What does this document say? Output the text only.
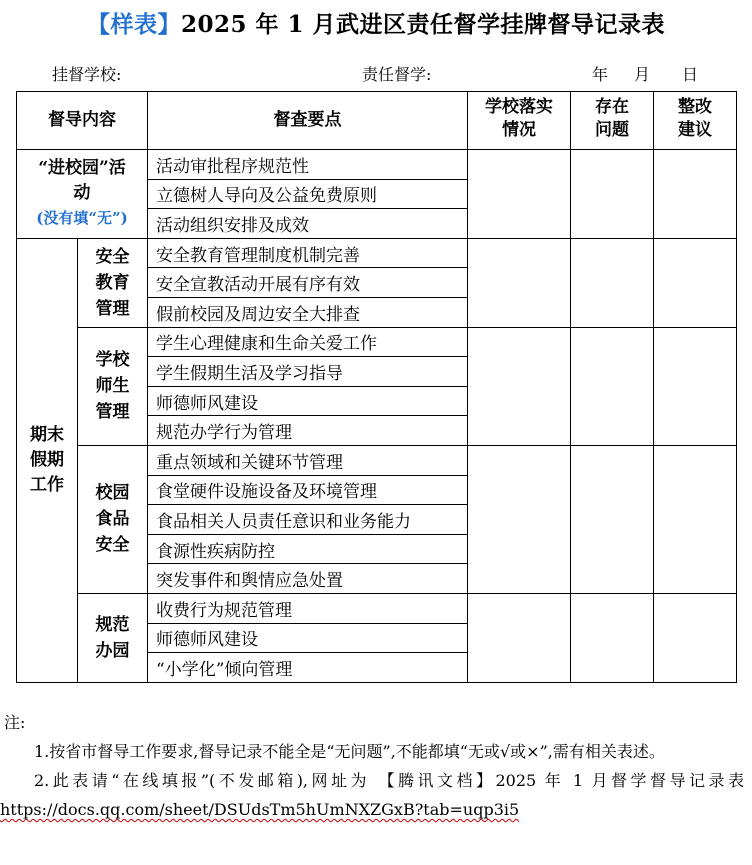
【样表】2025 年 1 月武进区责任督学挂牌督导记录表
挂督学校:	责任督学:	年 月 日
督导内容		督查要点	学校落实情况	存在问题	整改建议

“进校园”活动
(没有填“无”)		活动审批程序规范性			
		立德树人导向及公益免费原则			
		活动组织安排及成效			

期末假期工作	安全教育管理	安全教育管理制度机制完善			
		安全宣教活动开展有序有效			
		假前校园及周边安全大排查			

	学校师生管理	学生心理健康和生命关爱工作			
		学生假期生活及学习指导			
		师德师风建设			
		规范办学行为管理			

	校园食品安全	重点领域和关键环节管理			
		食堂硬件设施设备及环境管理			
		食品相关人员责任意识和业务能力			
		食源性疾病防控			
		突发事件和舆情应急处置			

	规范办园	收费行为规范管理			
		师德师风建设			
		“小学化”倾向管理			

注:

1.按省市督导工作要求,督导记录不能全是“无问题”,不能都填“无或√或×”,需有相关表述。

2.此表请“在线填报”(不发邮箱),网址为 【腾讯文档】2025 年 1 月督学督导记录表 https://docs.qq.com/sheet/DSUdsTm5hUmNXZGxB?tab=uqp3i5
